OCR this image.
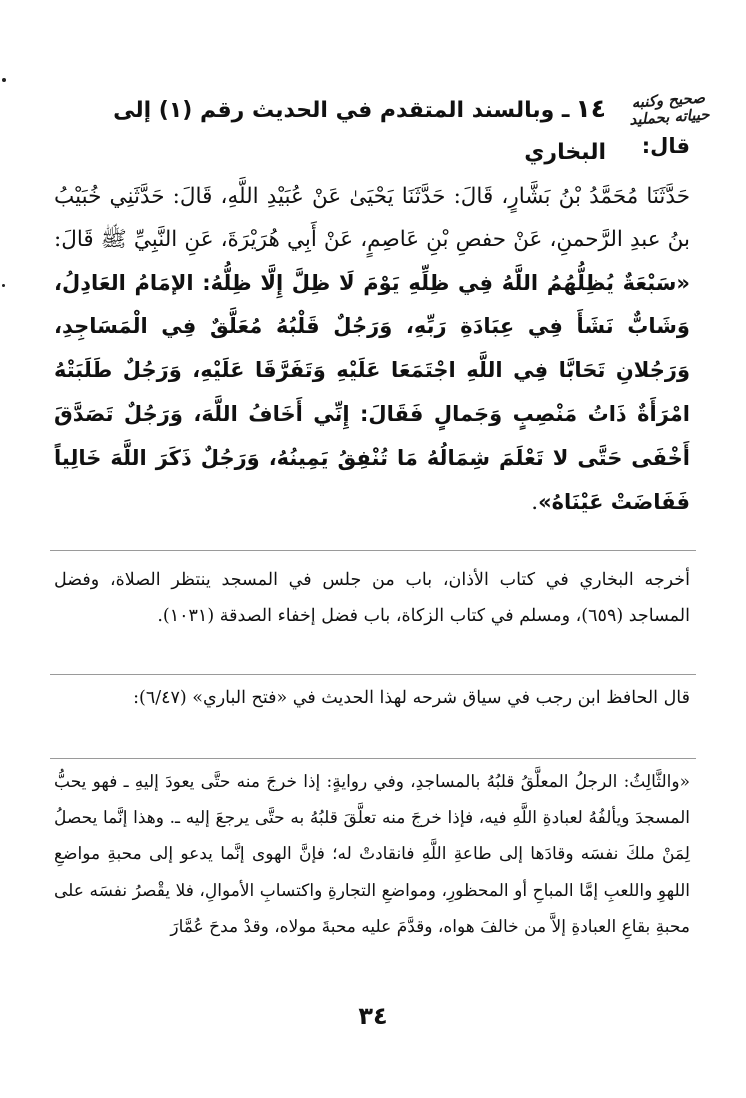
صحيح وكنبه حيياته بحمليد
١٤ـ وبالسند المتقدم في الحديث رقم (١) إلى البخاري قال:
حَدَّثَنَا مُحَمَّدُ بْنُ بَشَّارٍ، قَالَ: حَدَّثَنَا يَحْيَىٰ عَنْ عُبَيْدِ اللَّهِ، قَالَ: حَدَّثَنِي خُبَيْبُ بنُ عبدِ الرَّحمنِ، عَنْ حفصِ بْنِ عَاصِمٍ، عَنْ أَبِي هُرَيْرَةَ، عَنِ النَّبِيِّ ﷺ قَالَ: «سَبْعَةٌ يُظِلُّهُمُ اللَّهُ فِي ظِلِّهِ يَوْمَ لَا ظِلَّ إِلَّا ظِلُّهُ: الإمَامُ العَادِلُ، وَشَابٌّ نَشَأَ فِي عِبَادَةِ رَبِّهِ، وَرَجُلٌ قَلْبُهُ مُعَلَّقٌ فِي الْمَسَاجِدِ، وَرَجُلانِ تَحَابَّا فِي اللَّهِ اجْتَمَعَا عَلَيْهِ وَتَفَرَّقَا عَلَيْهِ، وَرَجُلٌ طَلَبَتْهُ امْرَأَةٌ ذَاتُ مَنْصِبٍ وَجَمالٍ فَقَالَ: إِنِّي أَخَافُ اللَّهَ، وَرَجُلٌ تَصَدَّقَ أَخْفَى حَتَّى لا تَعْلَمَ شِمَالُهُ مَا تُنْفِقُ يَمِينُهُ، وَرَجُلٌ ذَكَرَ اللَّهَ خَالِياً فَفَاضَتْ عَيْنَاهُ».
أخرجه البخاري في كتاب الأذان، باب من جلس في المسجد ينتظر الصلاة، وفضل المساجد (٦٥٩)، ومسلم في كتاب الزكاة، باب فضل إخفاء الصدقة (١٠٣١).
قال الحافظ ابن رجب في سياق شرحه لهذا الحديث في «فتح الباري» (٦/٤٧):
«والثَّالِثُ: الرجلُ المعلَّقُ قلبُهُ بالمساجدِ، وفي روايةٍ: إذا خرجَ منه حتَّى يعودَ إليهِ ـ فهو يحبُّ المسجدَ ويألفُهُ لعبادةِ اللَّهِ فيه، فإذا خرجَ منه تعلَّقَ قلبُهُ به حتَّى يرجعَ إليه ـ. وهذا إنَّما يحصلُ لِمَنْ ملكَ نفسَه وقادَها إلى طاعةِ اللَّهِ فانقادتْ له؛ فإنَّ الهوى إنَّما يدعو إلى محبةِ مواضعِ اللهوِ واللعبِ إمَّا المباحِ أو المحظورِ، ومواضعِ التجارةِ واكتسابِ الأموالِ، فلا يقْصرُ نفسَه على محبةِ بقاعِ العبادةِ إلاَّ من خالفَ هواه، وقدَّمَ عليه محبةَ مولاه، وقدْ مدحَ عُمَّارَ
٣٤
